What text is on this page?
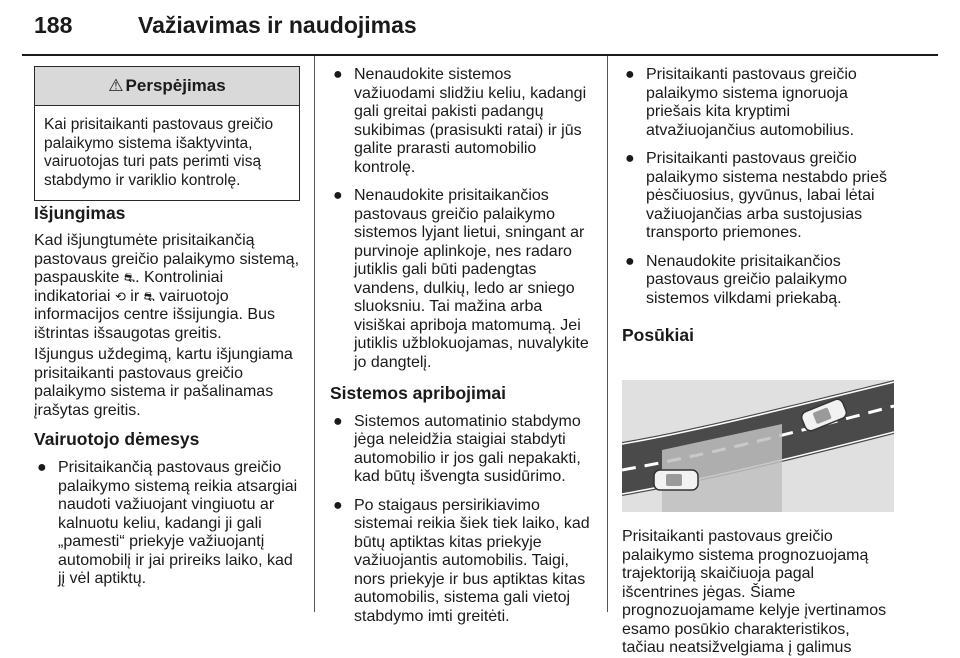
188	Važiavimas ir naudojimas
⚠ Perspėjimas
Kai prisitaikanti pastovaus greičio palaikymo sistema išaktyvinta, vairuotojas turi pats perimti visą stabdymo ir variklio kontrolę.
Išjungimas

Kad išjungtumėte prisitaikančią pastovaus greičio palaikymo sistemą, paspauskite ⛐. Kontroliniai indikatoriai ⟲ ir ⛐ vairuotojo informacijos centre išsijungia. Bus ištrintas išsaugotas greitis.

Išjungus uždegimą, kartu išjungiama prisitaikanti pastovaus greičio palaikymo sistema ir pašalinamas įrašytas greitis.

Vairuotojo dėmesys
● Prisitaikančią pastovaus greičio palaikymo sistemą reikia atsargiai naudoti važiuojant vingiuotu ar kalnuotu keliu, kadangi ji gali „pamesti“ priekyje važiuojantį automobilį ir jai prireiks laiko, kad jį vėl aptiktų.
● Nenaudokite sistemos važiuodami slidžiu keliu, kadangi gali greitai pakisti padangų sukibimas (prasisukti ratai) ir jūs galite prarasti automobilio kontrolę.
● Nenaudokite prisitaikančios pastovaus greičio palaikymo sistemos lyjant lietui, sningant ar purvinoje aplinkoje, nes radaro jutiklis gali būti padengtas vandens, dulkių, ledo ar sniego sluoksniu. Tai mažina arba visiškai apriboja matomumą. Jei jutiklis užblokuojamas, nuvalykite jo dangtelį.
Sistemos apribojimai
● Sistemos automatinio stabdymo jėga neleidžia staigiai stabdyti automobilio ir jos gali nepakakti, kad būtų išvengta susidūrimo.
● Po staigaus persirikiavimo sistemai reikia šiek tiek laiko, kad būtų aptiktas kitas priekyje važiuojantis automobilis. Taigi, nors priekyje ir bus aptiktas kitas automobilis, sistema gali vietoj stabdymo imti greitėti.
● Prisitaikanti pastovaus greičio palaikymo sistema ignoruoja priešais kita kryptimi atvažiuojančius automobilius.
● Prisitaikanti pastovaus greičio palaikymo sistema nestabdo prieš pėsčiuosius, gyvūnus, labai lėtai važiuojančias arba sustojusias transporto priemones.
● Nenaudokite prisitaikančios pastovaus greičio palaikymo sistemos vilkdami priekabą.
Posūkiai

Prisitaikanti pastovaus greičio palaikymo sistema prognozuojamą trajektoriją skaičiuoja pagal išcentrines jėgas. Šiame prognozuojamame kelyje įvertinamos esamo posūkio charakteristikos, tačiau neatsižvelgiama į galimus
